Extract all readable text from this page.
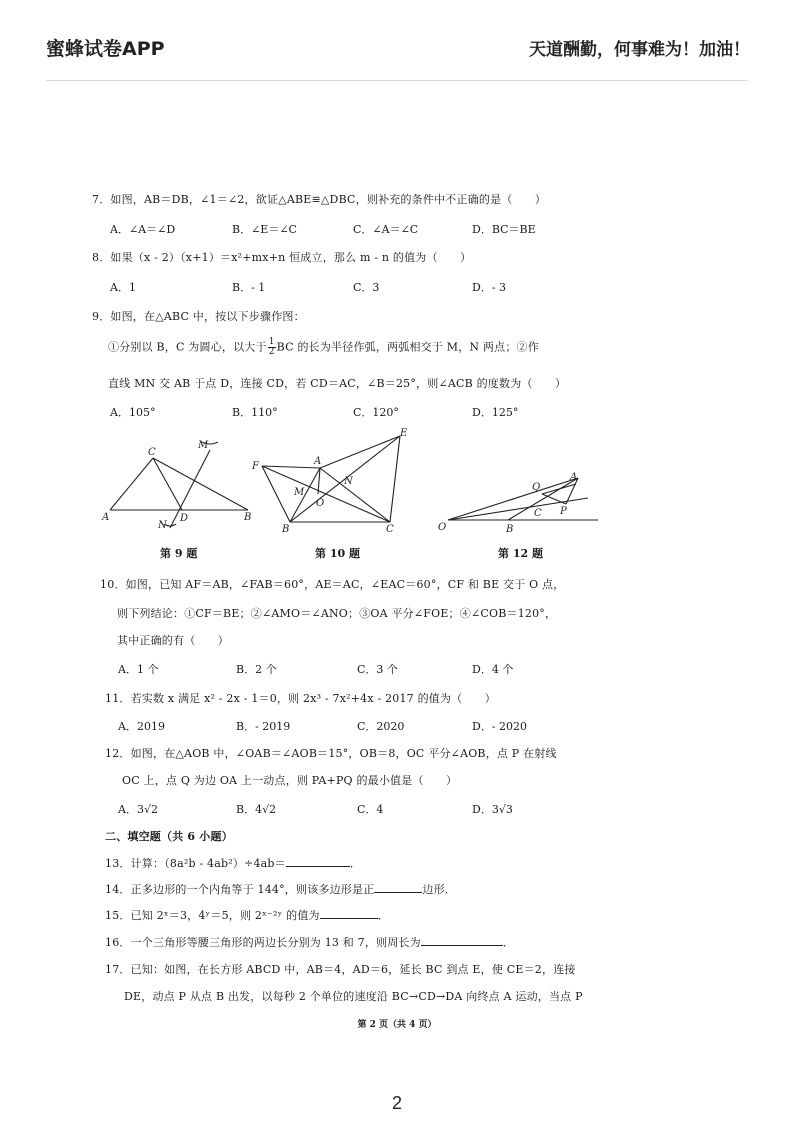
蜜蜂试卷APP	天道酬勤，何事难为！加油！
7．如图，AB＝DB，∠1＝∠2，欲证△ABE≌△DBC，则补充的条件中不正确的是（　　）
A．∠A＝∠D	B．∠E＝∠C	C．∠A＝∠C	D．BC＝BE
8．如果（x - 2）（x+1）＝x²+mx+n 恒成立，那么 m - n 的值为（　　）
A．1	B．- 1	C．3	D．- 3
9．如图，在△ABC 中，按以下步骤作图：
①分别以 B，C 为圆心，以大于 $\frac{1}{2}$ BC 的长为半径作弧，两弧相交于 M，N 两点；②作
直线 MN 交 AB 于点 D，连接 CD，若 CD＝AC，∠B＝25°，则∠ACB 的度数为（　　）
A．105°	B．110°	C．120°	D．125°
C
M
A	D	B
N
第 9 题
E
F	A
N
M
O
B	C
第 10 题
Q
A
C P
O	B
第 12 题
10．如图，已知 AF＝AB，∠FAB＝60°，AE＝AC，∠EAC＝60°，CF 和 BE 交于 O 点，
则下列结论：①CF＝BE；②∠AMO＝∠ANO；③OA 平分∠FOE；④∠COB＝120°，
其中正确的有（　　）
A．1 个	B．2 个	C．3 个	D．4 个
11．若实数 x 满足 x² - 2x - 1＝0，则 2x³ - 7x²+4x - 2017 的值为（　　）
A．2019	B．- 2019	C．2020	D．- 2020
12．如图，在△AOB 中，∠OAB＝∠AOB＝15°，OB＝8，OC 平分∠AOB，点 P 在射线
OC 上，点 Q 为边 OA 上一动点，则 PA+PQ 的最小值是（　　）
A．3√2	B．4√2	C．4	D．3√3
二、填空题（共 6 小题）
13．计算：（8a²b - 4ab²）÷4ab＝	．
14．正多边形的一个内角等于 144°，则该多边形是正	边形．
15．已知 2ˣ＝3，4ʸ＝5，则 2ˣ⁻²ʸ 的值为	．
16．一个三角形等腰三角形的两边长分别为 13 和 7，则周长为	．
17．已知：如图，在长方形 ABCD 中，AB＝4，AD＝6，延长 BC 到点 E，使 CE＝2，连接
DE，动点 P 从点 B 出发，以每秒 2 个单位的速度沿 BC→CD→DA 向终点 A 运动，当点 P
第 2 页（共 4 页）
2
